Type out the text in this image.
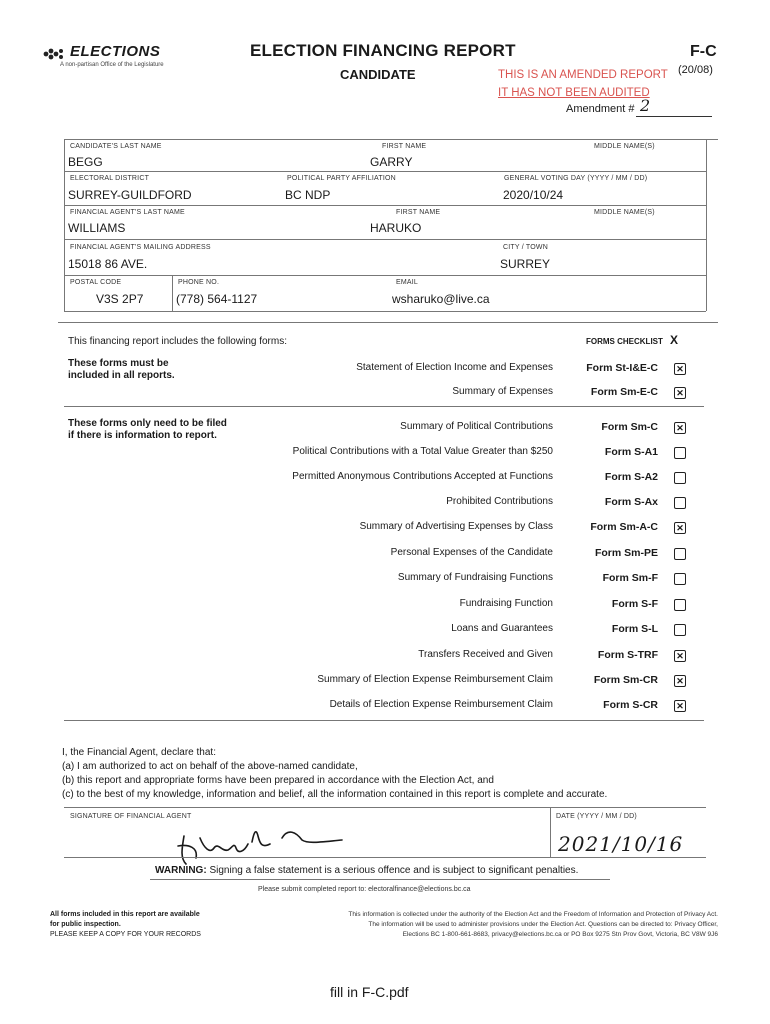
ELECTIONS
A non-partisan Office of the Legislature
ELECTION FINANCING REPORT
CANDIDATE
F-C
(20/08)
THIS IS AN AMENDED REPORT
IT HAS NOT BEEN AUDITED
Amendment # 2
CANDIDATE'S LAST NAME
BEGG
FIRST NAME
GARRY
MIDDLE NAME(S)
ELECTORAL DISTRICT
SURREY-GUILDFORD
POLITICAL PARTY AFFILIATION
BC NDP
GENERAL VOTING DAY (YYYY / MM / DD)
2020/10/24
FINANCIAL AGENT'S LAST NAME
WILLIAMS
FIRST NAME
HARUKO
MIDDLE NAME(S)
FINANCIAL AGENT'S MAILING ADDRESS
15018 86 AVE.
CITY / TOWN
SURREY
POSTAL CODE
V3S 2P7
PHONE NO.
(778) 564-1127
EMAIL
wsharuko@live.ca
This financing report includes the following forms:	FORMS CHECKLIST X
These forms must be
included in all reports.
These forms only need to be filed
if there is information to report.
Statement of Election Income and Expenses	Form St-I&E-C ✕
Summary of Expenses	Form Sm-E-C ✕
Summary of Political Contributions	Form Sm-C ✕
Political Contributions with a Total Value Greater than $250	Form S-A1
Permitted Anonymous Contributions Accepted at Functions	Form S-A2
Prohibited Contributions	Form S-Ax
Summary of Advertising Expenses by Class	Form Sm-A-C ✕
Personal Expenses of the Candidate	Form Sm-PE
Summary of Fundraising Functions	Form Sm-F
Fundraising Function	Form S-F
Loans and Guarantees	Form S-L
Transfers Received and Given	Form S-TRF ✕
Summary of Election Expense Reimbursement Claim	Form Sm-CR ✕
Details of Election Expense Reimbursement Claim	Form S-CR ✕
I, the Financial Agent, declare that:
(a) I am authorized to act on behalf of the above-named candidate,
(b) this report and appropriate forms have been prepared in accordance with the Election Act, and
(c) to the best of my knowledge, information and belief, all the information contained in this report is complete and accurate.
SIGNATURE OF FINANCIAL AGENT	DATE (YYYY / MM / DD)
2021/10/16
WARNING: Signing a false statement is a serious offence and is subject to significant penalties.
Please submit completed report to: electoralfinance@elections.bc.ca
All forms included in this report are available
for public inspection.
PLEASE KEEP A COPY FOR YOUR RECORDS
This information is collected under the authority of the Election Act and the Freedom of Information and Protection of Privacy Act.
The information will be used to administer provisions under the Election Act. Questions can be directed to: Privacy Officer,
Elections BC 1-800-661-8683, privacy@elections.bc.ca or PO Box 9275 Stn Prov Govt, Victoria, BC V8W 9J6
fill in F-C.pdf
